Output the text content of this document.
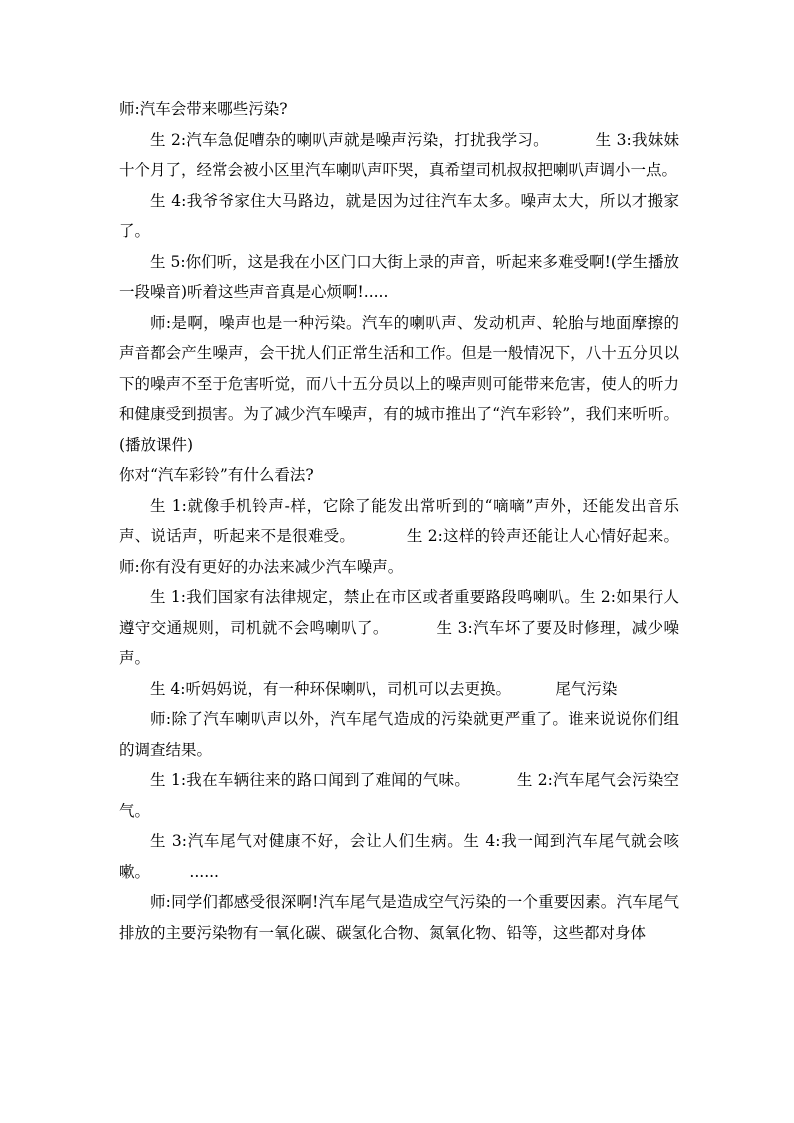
师:汽车会带来哪些污染?

生 2:汽车急促嘈杂的喇叭声就是噪声污染，打扰我学习。         生 3:我妹妹十个月了，经常会被小区里汽车喇叭声吓哭，真希望司机叔叔把喇叭声调小一点。

生 4:我爷爷家住大马路边，就是因为过往汽车太多。噪声太大，所以才搬家了。

生 5:你们听，这是我在小区门口大街上录的声音，听起来多难受啊!(学生播放一段噪音)听着这些声音真是心烦啊!.....

师:是啊，噪声也是一种污染。汽车的喇叭声、发动机声、轮胎与地面摩擦的声音都会产生噪声，会干扰人们正常生活和工作。但是一般情况下，八十五分贝以下的噪声不至于危害听觉，而八十五分员以上的噪声则可能带来危害，使人的听力和健康受到损害。为了减少汽车噪声，有的城市推出了“汽车彩铃”，我们来听听。(播放课件)

你对“汽车彩铃”有什么看法?

生 1:就像手机铃声-样，它除了能发出常听到的“嘀嘀”声外，还能发出音乐声、说话声，听起来不是很难受。          生 2:这样的铃声还能让人心情好起来。        师:你有没有更好的办法来减少汽车噪声。

生 1:我们国家有法律规定，禁止在市区或者重要路段鸣喇叭。生 2:如果行人遵守交通规则，司机就不会鸣喇叭了。         生 3:汽车坏了要及时修理，减少噪声。

生 4:听妈妈说，有一种环保喇叭，司机可以去更换。         尾气污染

师:除了汽车喇叭声以外，汽车尾气造成的污染就更严重了。谁来说说你们组的调查结果。

生 1:我在车辆往来的路口闻到了难闻的气味。         生 2:汽车尾气会污染空气。

生 3:汽车尾气对健康不好，会让人们生病。生 4:我一闻到汽车尾气就会咳嗽。        ......

师:同学们都感受很深啊!汽车尾气是造成空气污染的一个重要因素。汽车尾气排放的主要污染物有一氧化碳、碳氢化合物、氮氧化物、铅等，这些都对身体
